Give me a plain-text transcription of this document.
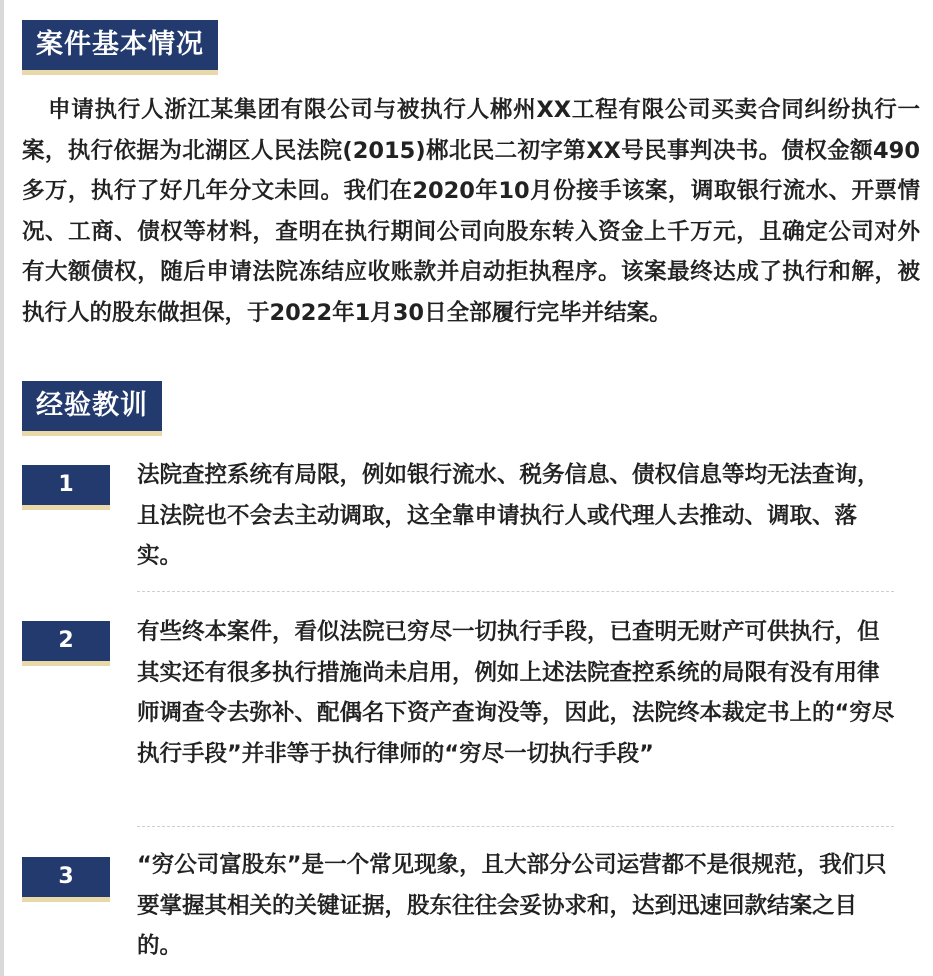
案件基本情况

申请执行人浙江某集团有限公司与被执行人郴州XX工程有限公司买卖合同纠纷执行一案，执行依据为北湖区人民法院(2015)郴北民二初字第XX号民事判决书。债权金额490多万，执行了好几年分文未回。我们在2020年10月份接手该案，调取银行流水、开票情况、工商、债权等材料，查明在执行期间公司向股东转入资金上千万元，且确定公司对外有大额债权，随后申请法院冻结应收账款并启动拒执程序。该案最终达成了执行和解，被执行人的股东做担保，于2022年1月30日全部履行完毕并结案。

经验教训
1	法院查控系统有局限，例如银行流水、税务信息、债权信息等均无法查询，且法院也不会去主动调取，这全靠申请执行人或代理人去推动、调取、落实。

2	有些终本案件，看似法院已穷尽一切执行手段，已查明无财产可供执行，但其实还有很多执行措施尚未启用，例如上述法院查控系统的局限有没有用律师调查令去弥补、配偶名下资产查询没等，因此，法院终本裁定书上的“穷尽执行手段”并非等于执行律师的“穷尽一切执行手段”

3	“穷公司富股东”是一个常见现象，且大部分公司运营都不是很规范，我们只要掌握其相关的关键证据，股东往往会妥协求和，达到迅速回款结案之目的。
